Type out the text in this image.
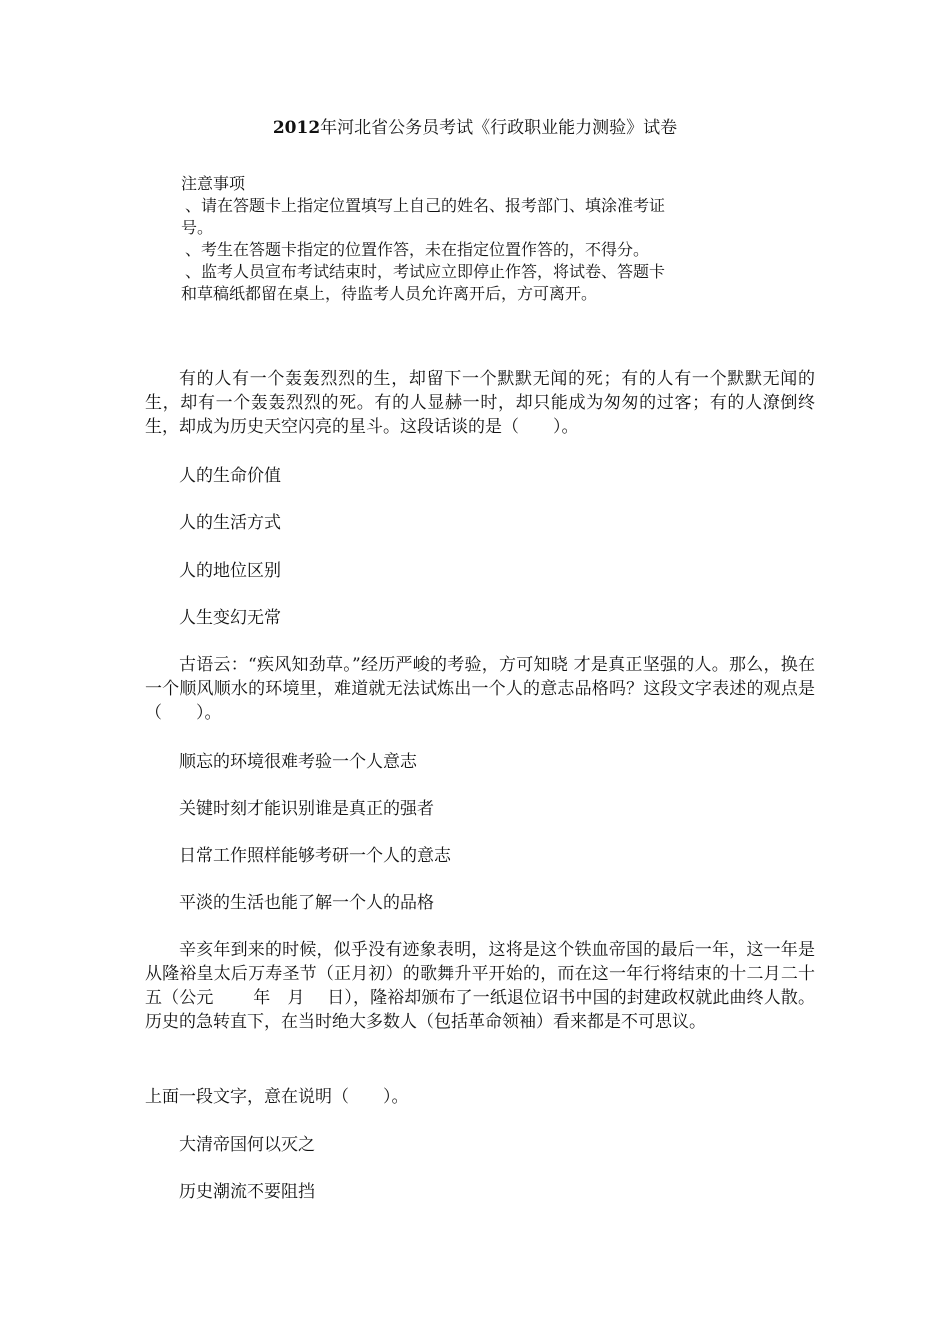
2012年河北省公务员考试《行政职业能力测验》试卷

注意事项

、请在答题卡上指定位置填写上自己的姓名、报考部门、填涂准考证

号。

、考生在答题卡指定的位置作答，未在指定位置作答的，不得分。

、监考人员宣布考试结束时，考试应立即停止作答，将试卷、答题卡

和草稿纸都留在桌上，待监考人员允许离开后，方可离开。

有的人有一个轰轰烈烈的生，却留下一个默默无闻的死；有的人有一个默默无闻的生，却有一个轰轰烈烈的死。有的人显赫一时，却只能成为匆匆的过客；有的人潦倒终生，却成为历史天空闪亮的星斗。这段话谈的是（　　）。

人的生命价值

人的生活方式

人的地位区别

人生变幻无常

古语云：“疾风知劲草。”经历严峻的考验，方可知晓 才是真正坚强的人。那么，换在一个顺风顺水的环境里，难道就无法试炼出一个人的意志品格吗？这段文字表述的观点是（　　）。

顺忘的环境很难考验一个人意志

关键时刻才能识别谁是真正的强者

日常工作照样能够考研一个人的意志

平淡的生活也能了解一个人的品格

辛亥年到来的时候，似乎没有迹象表明，这将是这个铁血帝国的最后一年，这一年是从隆裕皇太后万寿圣节（正月初）的歌舞升平开始的，而在这一年行将结束的十二月二十五（公元　　 年　月　 日），隆裕却颁布了一纸退位诏书中国的封建政权就此曲终人散。历史的急转直下，在当时绝大多数人（包括革命领袖）看来都是不可思议。

上面一段文字，意在说明（　　）。

大清帝国何以灭之

历史潮流不要阻挡
